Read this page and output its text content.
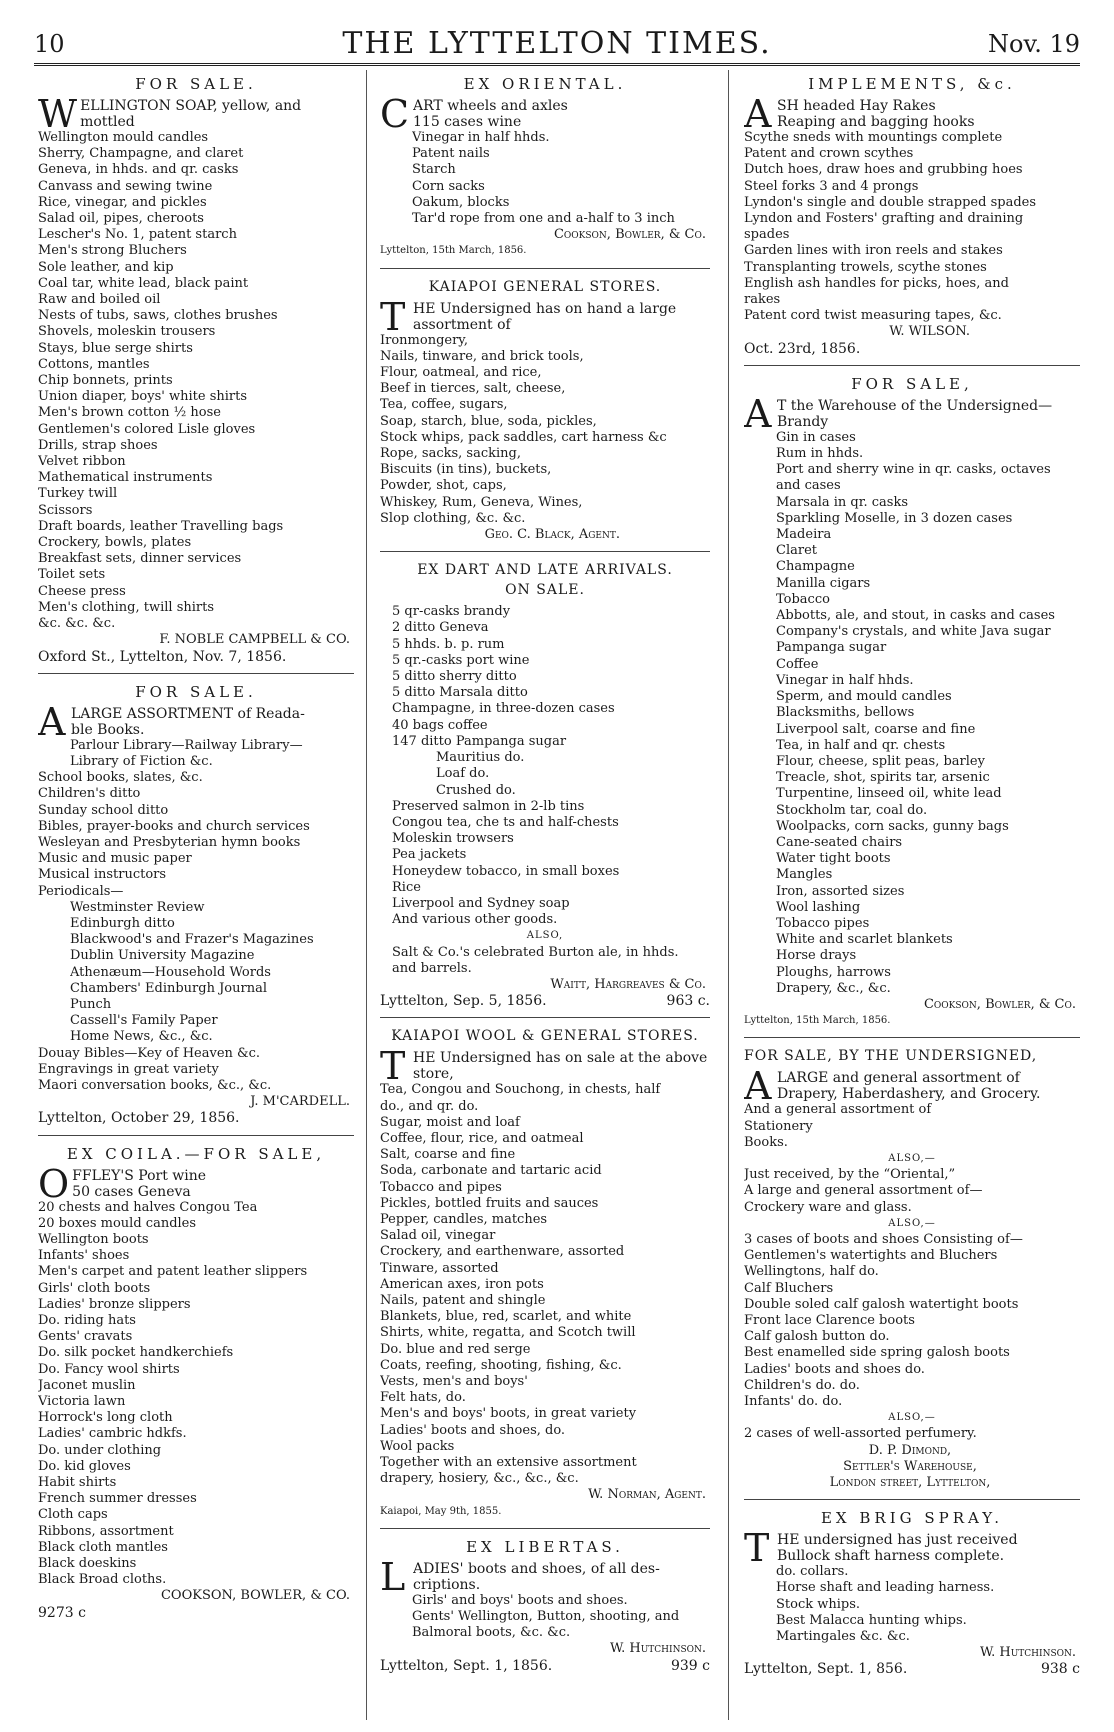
10	THE LYTTELTON TIMES.	Nov. 19
FOR SALE.
W ELLINGTON SOAP, yellow, and
mottled
Wellington mould candles
Sherry, Champagne, and claret
Geneva, in hhds. and qr. casks
Canvass and sewing twine
Rice, vinegar, and pickles
Salad oil, pipes, cheroots
Lescher's No. 1, patent starch
Men's strong Bluchers
Sole leather, and kip
Coal tar, white lead, black paint
Raw and boiled oil
Nests of tubs, saws, clothes brushes
Shovels, moleskin trousers
Stays, blue serge shirts
Cottons, mantles
Chip bonnets, prints
Union diaper, boys' white shirts
Men's brown cotton ½ hose
Gentlemen's colored Lisle gloves
Drills, strap shoes
Velvet ribbon
Mathematical instruments
Turkey twill
Scissors
Draft boards, leather Travelling bags
Crockery, bowls, plates
Breakfast sets, dinner services
Toilet sets
Cheese press
Men's clothing, twill shirts
&c. &c. &c.
F. NOBLE CAMPBELL & CO.
Oxford St., Lyttelton, Nov. 7, 1856.
FOR SALE.
A LARGE ASSORTMENT of Reada-
ble Books.
Parlour Library—Railway Library—
Library of Fiction &c.
School books, slates, &c.
Children's ditto
Sunday school ditto
Bibles, prayer-books and church services
Wesleyan and Presbyterian hymn books
Music and music paper
Musical instructors
Periodicals—
Westminster Review
Edinburgh ditto
Blackwood's and Frazer's Magazines
Dublin University Magazine
Athenæum—Household Words
Chambers' Edinburgh Journal
Punch
Cassell's Family Paper
Home News, &c., &c.
Douay Bibles—Key of Heaven &c.
Engravings in great variety
Maori conversation books, &c., &c.
J. M'CARDELL.
Lyttelton, October 29, 1856.
EX COILA.—FOR SALE,
O FFLEY'S Port wine
50 cases Geneva
20 chests and halves Congou Tea
20 boxes mould candles
Wellington boots
Infants' shoes
Men's carpet and patent leather slippers
Girls' cloth boots
Ladies' bronze slippers
Do. riding hats
Gents' cravats
Do. silk pocket handkerchiefs
Do. Fancy wool shirts
Jaconet muslin
Victoria lawn
Horrock's long cloth
Ladies' cambric hdkfs.
Do. under clothing
Do. kid gloves
Habit shirts
French summer dresses
Cloth caps
Ribbons, assortment
Black cloth mantles
Black doeskins
Black Broad cloths.
COOKSON, BOWLER, & CO.
9273 c
EX ORIENTAL.
C ART wheels and axles
115 cases wine
Vinegar in half hhds.
Patent nails
Starch
Corn sacks
Oakum, blocks
Tar'd rope from one and a-half to 3 inch
Cookson, Bowler, & Co.
Lyttelton, 15th March, 1856.
KAIAPOI GENERAL STORES.
T HE Undersigned has on hand a large
assortment of
Ironmongery,
Nails, tinware, and brick tools,
Flour, oatmeal, and rice,
Beef in tierces, salt, cheese,
Tea, coffee, sugars,
Soap, starch, blue, soda, pickles,
Stock whips, pack saddles, cart harness &c
Rope, sacks, sacking,
Biscuits (in tins), buckets,
Powder, shot, caps,
Whiskey, Rum, Geneva, Wines,
Slop clothing, &c. &c.
Geo. C. Black, Agent.
EX DART AND LATE ARRIVALS.
ON SALE.
5 qr-casks brandy
2 ditto Geneva
5 hhds. b. p. rum
5 qr.-casks port wine
5 ditto sherry ditto
5 ditto Marsala ditto
Champagne, in three-dozen cases
40 bags coffee
147 ditto Pampanga sugar
Mauritius do.
Loaf do.
Crushed do.
Preserved salmon in 2-lb tins
Congou tea, che ts and half-chests
Moleskin trowsers
Pea jackets
Honeydew tobacco, in small boxes
Rice
Liverpool and Sydney soap
And various other goods.
ALSO,
Salt & Co.'s celebrated Burton ale, in hhds.
and barrels.
Waitt, Hargreaves & Co.
Lyttelton, Sep. 5, 1856.	963 c.
KAIAPOI WOOL & GENERAL STORES.
T HE Undersigned has on sale at the above
store,
Tea, Congou and Souchong, in chests, half
do., and qr. do.
Sugar, moist and loaf
Coffee, flour, rice, and oatmeal
Salt, coarse and fine
Soda, carbonate and tartaric acid
Tobacco and pipes
Pickles, bottled fruits and sauces
Pepper, candles, matches
Salad oil, vinegar
Crockery, and earthenware, assorted
Tinware, assorted
American axes, iron pots
Nails, patent and shingle
Blankets, blue, red, scarlet, and white
Shirts, white, regatta, and Scotch twill
Do. blue and red serge
Coats, reefing, shooting, fishing, &c.
Vests, men's and boys'
Felt hats, do.
Men's and boys' boots, in great variety
Ladies' boots and shoes, do.
Wool packs
Together with an extensive assortment
drapery, hosiery, &c., &c., &c.
W. Norman, Agent.
Kaiapoi, May 9th, 1855.
EX LIBERTAS.
L ADIES' boots and shoes, of all des-
criptions.
Girls' and boys' boots and shoes.
Gents' Wellington, Button, shooting, and
Balmoral boots, &c. &c.
W. Hutchinson.
Lyttelton, Sept. 1, 1856.	939 c
IMPLEMENTS, &c.
A SH headed Hay Rakes
Reaping and bagging hooks
Scythe sneds with mountings complete
Patent and crown scythes
Dutch hoes, draw hoes and grubbing hoes
Steel forks 3 and 4 prongs
Lyndon's single and double strapped spades
Lyndon and Fosters' grafting and draining
spades
Garden lines with iron reels and stakes
Transplanting trowels, scythe stones
English ash handles for picks, hoes, and
rakes
Patent cord twist measuring tapes, &c.
W. WILSON.
Oct. 23rd, 1856.
FOR SALE,
A T the Warehouse of the Undersigned—
Brandy
Gin in cases
Rum in hhds.
Port and sherry wine in qr. casks, octaves
and cases
Marsala in qr. casks
Sparkling Moselle, in 3 dozen cases
Madeira
Claret
Champagne
Manilla cigars
Tobacco
Abbotts, ale, and stout, in casks and cases
Company's crystals, and white Java sugar
Pampanga sugar
Coffee
Vinegar in half hhds.
Sperm, and mould candles
Blacksmiths, bellows
Liverpool salt, coarse and fine
Tea, in half and qr. chests
Flour, cheese, split peas, barley
Treacle, shot, spirits tar, arsenic
Turpentine, linseed oil, white lead
Stockholm tar, coal do.
Woolpacks, corn sacks, gunny bags
Cane-seated chairs
Water tight boots
Mangles
Iron, assorted sizes
Wool lashing
Tobacco pipes
White and scarlet blankets
Horse drays
Ploughs, harrows
Drapery, &c., &c.
Cookson, Bowler, & Co.
Lyttelton, 15th March, 1856.
FOR SALE, BY THE UNDERSIGNED,
A LARGE and general assortment of
Drapery, Haberdashery, and Grocery.
And a general assortment of
Stationery
Books.
ALSO,—
Just received, by the “Oriental,”
A large and general assortment of—
Crockery ware and glass.
ALSO,—
3 cases of boots and shoes Consisting of—
Gentlemen's watertights and Bluchers
Wellingtons, half do.
Calf Bluchers
Double soled calf galosh watertight boots
Front lace Clarence boots
Calf galosh button do.
Best enamelled side spring galosh boots
Ladies' boots and shoes do.
Children's do. do.
Infants' do. do.
ALSO,—
2 cases of well-assorted perfumery.
D. P. Dimond,
Settler's Warehouse,
London street, Lyttelton,
EX BRIG SPRAY.
T HE undersigned has just received
Bullock shaft harness complete.
do. collars.
Horse shaft and leading harness.
Stock whips.
Best Malacca hunting whips.
Martingales &c. &c.
W. Hutchinson.
Lyttelton, Sept. 1, 856.	938 c
